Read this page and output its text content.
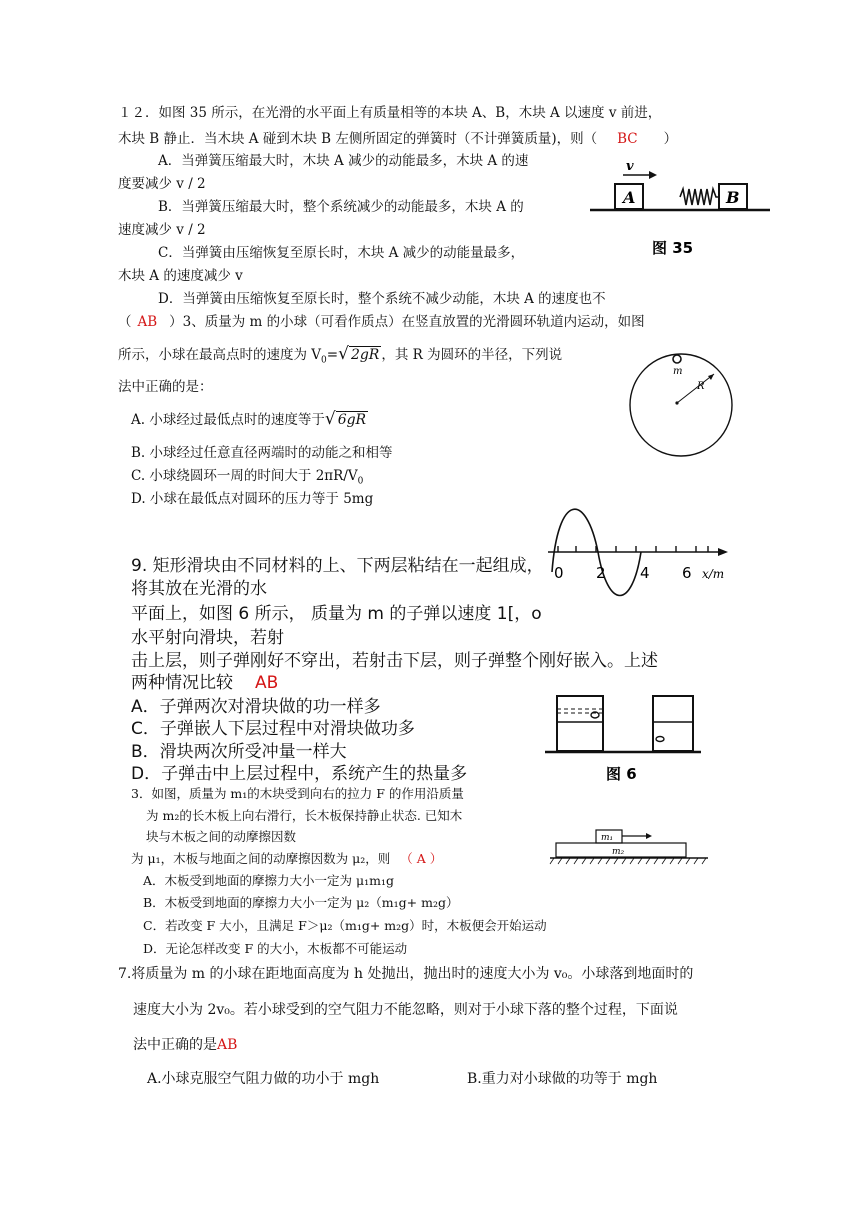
１２．如图 35 所示，在光滑的水平面上有质量相等的本块 A、B，木块 A 以速度 v 前进，
木块 B 静止．当木块 A 碰到木块 B 左侧所固定的弹簧时（不计弹簧质量)，则（ BC ）
A．当弹簧压缩最大时，木块 A 减少的动能最多，木块 A 的速
度要减少 v / 2
B．当弹簧压缩最大时，整个系统减少的动能最多，木块 A 的
速度减少 v / 2
C．当弹簧由压缩恢复至原长时，木块 A 减少的动能量最多，
木块 A 的速度减少 v
D．当弹簧由压缩恢复至原长时，整个系统不减少动能，木块 A 的速度也不
v
A	B
图 35
（ AB ）3、质量为 m 的小球（可看作质点）在竖直放置的光滑圆环轨道内运动，如图
所示，小球在最高点时的速度为 $V_0=√$ 2gR ，其 R 为圆环的半径，下列说
法中正确的是：
A. 小球经过最低点时的速度等于√ 6gR
B. 小球经过任意直径两端时的动能之和相等
C. 小球绕圆环一周的时间大于 $2\pi R/V_0$
D. 小球在最低点对圆环的压力等于 5mg
m
R
0 2 4 6 x/m
9. 矩形滑块由不同材料的上、下两层粘结在一起组成，
将其放在光滑的水
平面上，如图 6 所示， 质量为 m 的子弹以速度 1[，o
水平射向滑块，若射
击上层，则子弹刚好不穿出，若射击下层，则子弹整个刚好嵌入。上述
两种情况比较 AB
A．子弹两次对滑块做的功一样多
C．子弹嵌人下层过程中对滑块做功多
B．滑块两次所受冲量一样大
D．子弹击中上层过程中，系统产生的热量多	图 6
3．如图，质量为 m₁的木块受到向右的拉力 F 的作用沿质量
为 m₂的长木板上向右滑行，长木板保持静止状态. 已知木
块与木板之间的动摩擦因数
为 μ₁，木板与地面之间的动摩擦因数为 μ₂，则 （ A ）
A．木板受到地面的摩擦力大小一定为 μ₁m₁g
B．木板受到地面的摩擦力大小一定为 μ₂（m₁g+ m₂g）
C．若改变 F 大小，且满足 F＞μ₂（m₁g+ m₂g）时，木板便会开始运动
D．无论怎样改变 F 的大小，木板都不可能运动
m₁
m₂
7.将质量为 m 的小球在距地面高度为 h 处抛出，抛出时的速度大小为 v₀。小球落到地面时的
速度大小为 2v₀。若小球受到的空气阻力不能忽略，则对于小球下落的整个过程，下面说
法中正确的是AB
A.小球克服空气阻力做的功小于 mgh	B.重力对小球做的功等于 mgh
